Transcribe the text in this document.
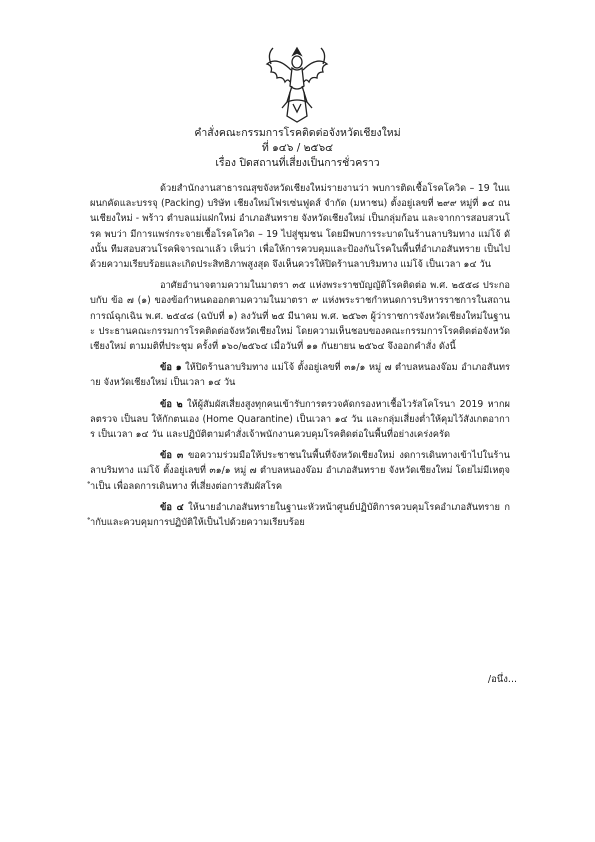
คำสั่งคณะกรรมการโรคติดต่อจังหวัดเชียงใหม่
ที่ ๑๔๖ / ๒๕๖๔
เรื่อง ปิดสถานที่เสี่ยงเป็นการชั่วคราว

ด้วยสำนักงานสาธารณสุขจังหวัดเชียงใหม่รายงานว่า พบการติดเชื้อโรคโควิด – 19 ในแผนกคัดและบรรจุ (Packing) บริษัท เชียงใหม่โฟรเซ่นฟูดส์ จำกัด (มหาชน) ตั้งอยู่เลขที่ ๒๙๙ หมู่ที่ ๑๔ ถนนเชียงใหม่ - พร้าว ตำบลแม่แฝกใหม่ อำเภอสันทราย จังหวัดเชียงใหม่ เป็นกลุ่มก้อน และจากการสอบสวนโรค พบว่า มีการแพร่กระจายเชื้อโรคโควิด – 19 ไปสู่ชุมชน โดยมีพบการระบาดในร้านลาบริมทาง แม่โจ้ ดังนั้น ทีมสอบสวนโรคพิจารณาแล้ว เห็นว่า เพื่อให้การควบคุมและป้องกันโรคในพื้นที่อำเภอสันทราย เป็นไปด้วยความเรียบร้อยและเกิดประสิทธิภาพสูงสุด จึงเห็นควรให้ปิดร้านลาบริมทาง แม่โจ้ เป็นเวลา ๑๔ วัน

อาศัยอำนาจตามความในมาตรา ๓๕ แห่งพระราชบัญญัติโรคติดต่อ พ.ศ. ๒๕๕๘ ประกอบกับ ข้อ ๗ (๑) ของข้อกำหนดออกตามความในมาตรา ๙ แห่งพระราชกำหนดการบริหารราชการในสถานการณ์ฉุกเฉิน พ.ศ. ๒๕๔๘ (ฉบับที่ ๑) ลงวันที่ ๒๕ มีนาคม พ.ศ. ๒๕๖๓ ผู้ว่าราชการจังหวัดเชียงใหม่ในฐานะ ประธานคณะกรรมการโรคติดต่อจังหวัดเชียงใหม่ โดยความเห็นชอบของคณะกรรมการโรคติดต่อจังหวัดเชียงใหม่ ตามมติที่ประชุม ครั้งที่ ๑๖๐/๒๕๖๔ เมื่อวันที่ ๑๑ กันยายน ๒๕๖๔ จึงออกคำสั่ง ดังนี้

ข้อ ๑ ให้ปิดร้านลาบริมทาง แม่โจ้ ตั้งอยู่เลขที่ ๓๑/๑ หมู่ ๗ ตำบลหนองจ๊อม อำเภอสันทราย จังหวัดเชียงใหม่ เป็นเวลา ๑๔ วัน

ข้อ ๒ ให้ผู้สัมผัสเสี่ยงสูงทุกคนเข้ารับการตรวจคัดกรองหาเชื้อไวรัสโคโรนา 2019 หากผลตรวจ เป็นลบ ให้กักตนเอง (Home Quarantine) เป็นเวลา ๑๔ วัน และกลุ่มเสี่ยงต่ำให้คุมไว้สังเกตอาการ เป็นเวลา ๑๔ วัน และปฏิบัติตามคำสั่งเจ้าพนักงานควบคุมโรคติดต่อในพื้นที่อย่างเคร่งครัด

ข้อ ๓ ขอความร่วมมือให้ประชาชนในพื้นที่จังหวัดเชียงใหม่ งดการเดินทางเข้าไปในร้านลาบริมทาง แม่โจ้ ตั้งอยู่เลขที่ ๓๑/๑ หมู่ ๗ ตำบลหนองจ๊อม อำเภอสันทราย จังหวัดเชียงใหม่ โดยไม่มีเหตุจำเป็น เพื่อลดการเดินทาง ที่เสี่ยงต่อการสัมผัสโรค

ข้อ ๔ ให้นายอำเภอสันทรายในฐานะหัวหน้าศูนย์ปฏิบัติการควบคุมโรคอำเภอสันทราย กำกับและควบคุมการปฏิบัติให้เป็นไปด้วยความเรียบร้อย

/อนึ่ง...
